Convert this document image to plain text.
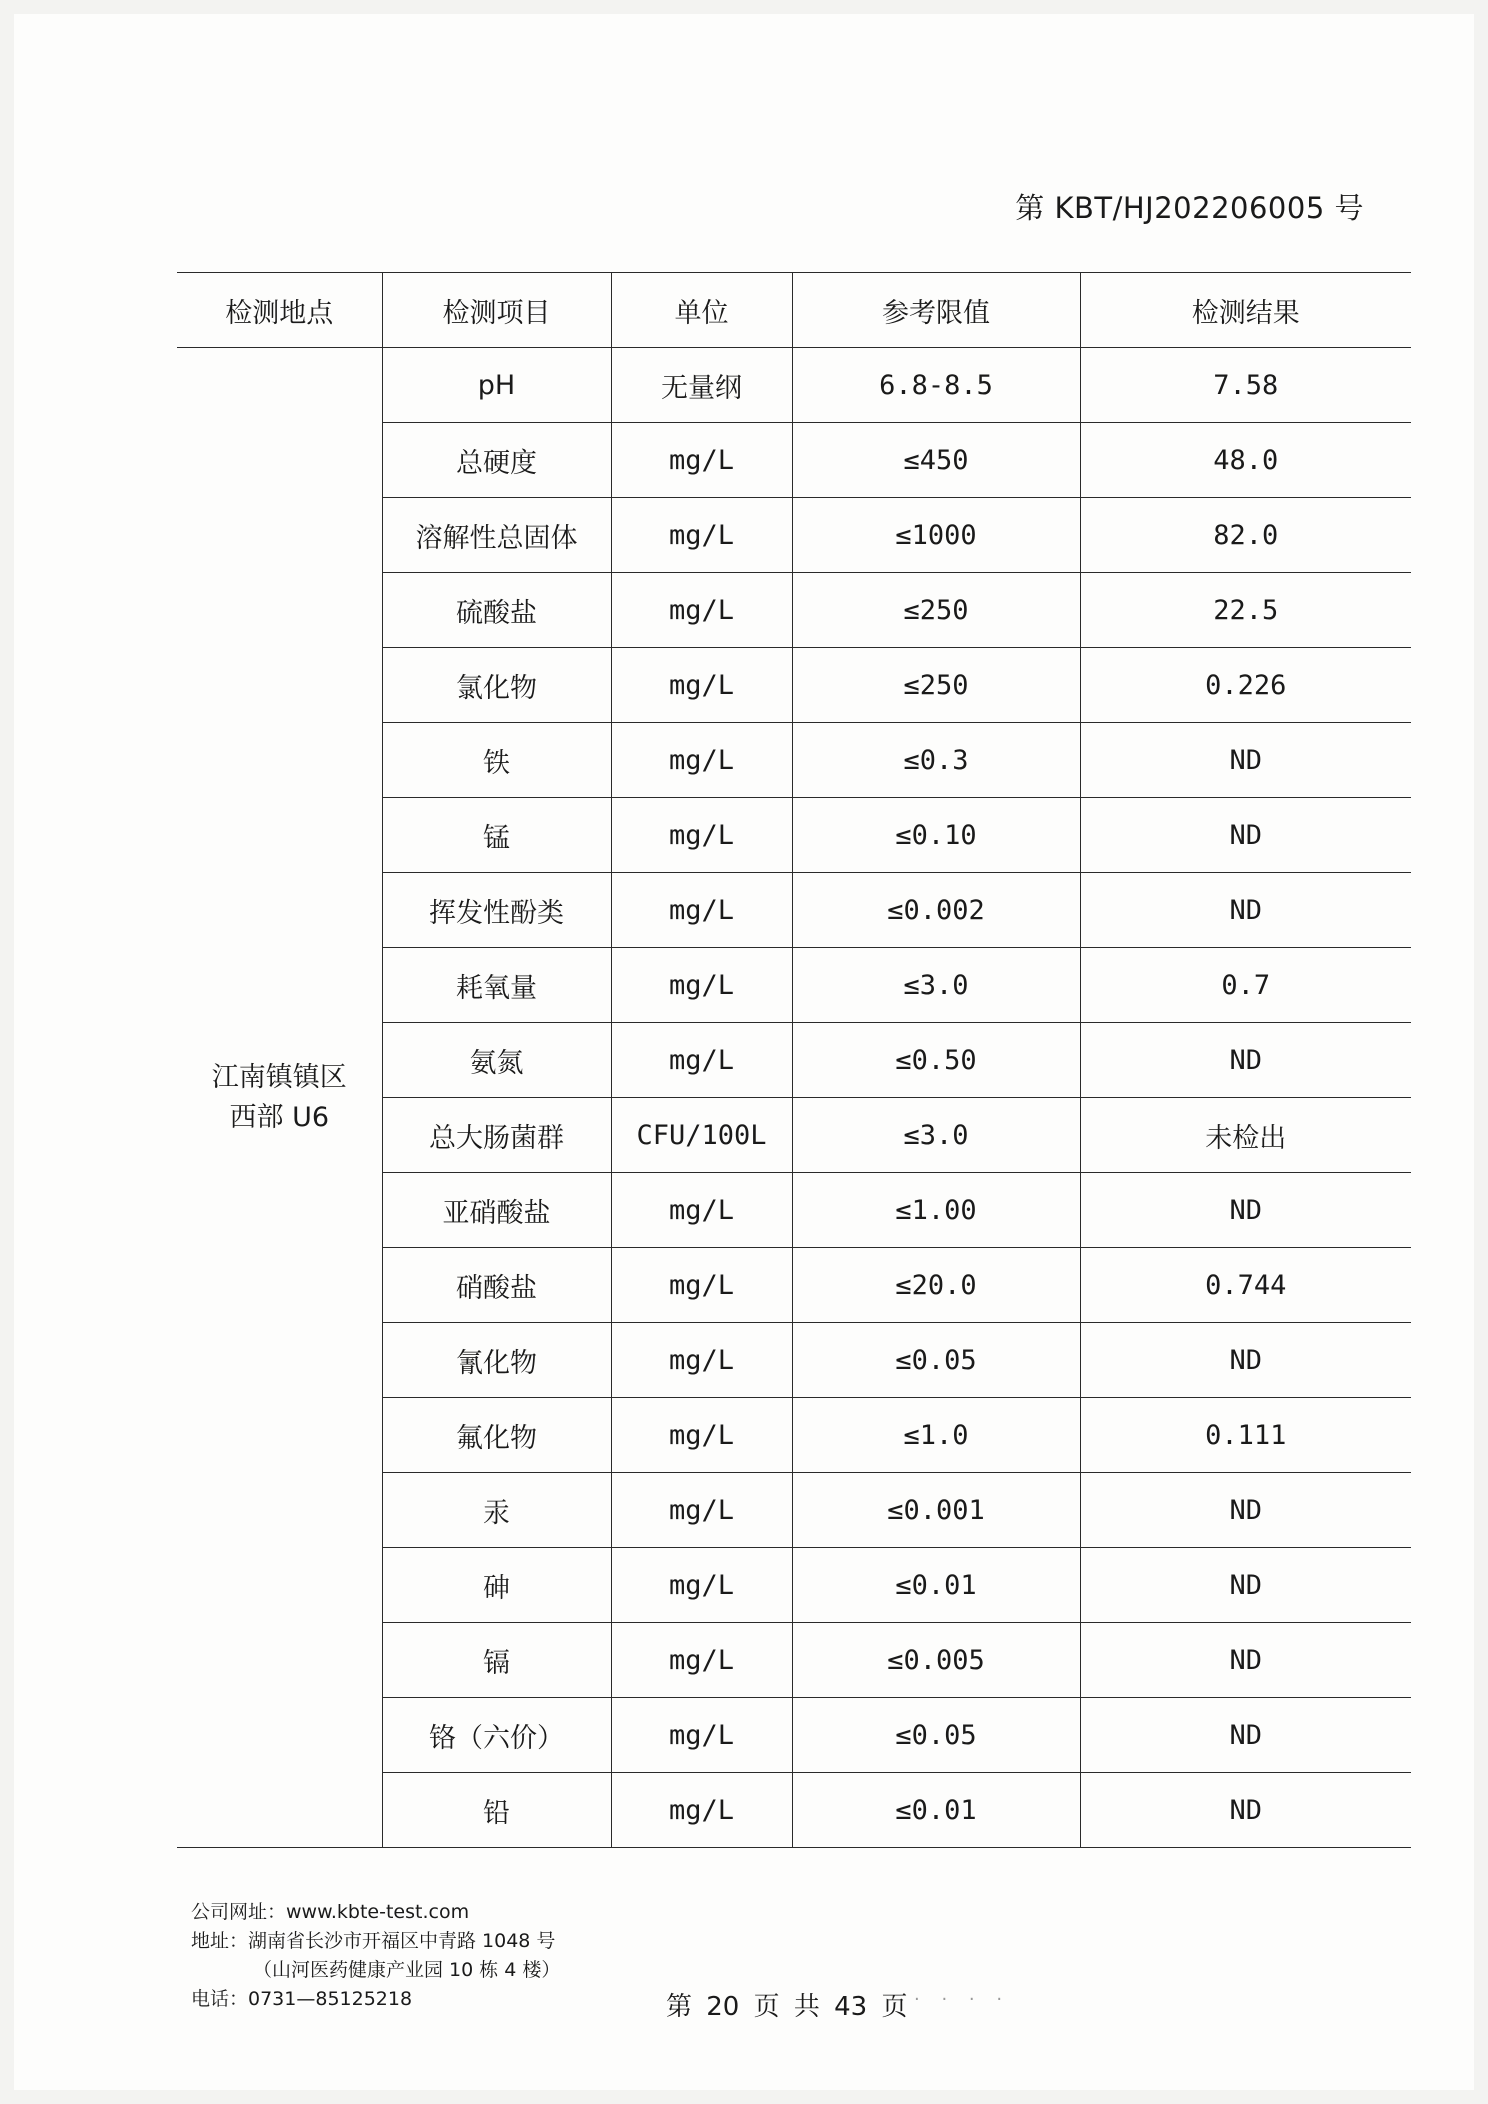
第 KBT/HJ202206005 号
检测地点	检测项目	单位	参考限值	检测结果

江南镇镇区
西部 U6	pH	无量纲	6.8-8.5	7.58
	总硬度	mg/L	≤450	48.0
	溶解性总固体	mg/L	≤1000	82.0
	硫酸盐	mg/L	≤250	22.5
	氯化物	mg/L	≤250	0.226
	铁	mg/L	≤0.3	ND
	锰	mg/L	≤0.10	ND
	挥发性酚类	mg/L	≤0.002	ND
	耗氧量	mg/L	≤3.0	0.7
	氨氮	mg/L	≤0.50	ND
	总大肠菌群	CFU/100L	≤3.0	未检出
	亚硝酸盐	mg/L	≤1.00	ND
	硝酸盐	mg/L	≤20.0	0.744
	氰化物	mg/L	≤0.05	ND
	氟化物	mg/L	≤1.0	0.111
	汞	mg/L	≤0.001	ND
	砷	mg/L	≤0.01	ND
	镉	mg/L	≤0.005	ND
	铬（六价）	mg/L	≤0.05	ND
	铅	mg/L	≤0.01	ND
公司网址：www.kbte-test.com
地址：湖南省长沙市开福区中青路 1048 号
（山河医药健康产业园 10 栋 4 楼）
电话：0731—85125218	第 20 页 共 43 页 · · · ·
